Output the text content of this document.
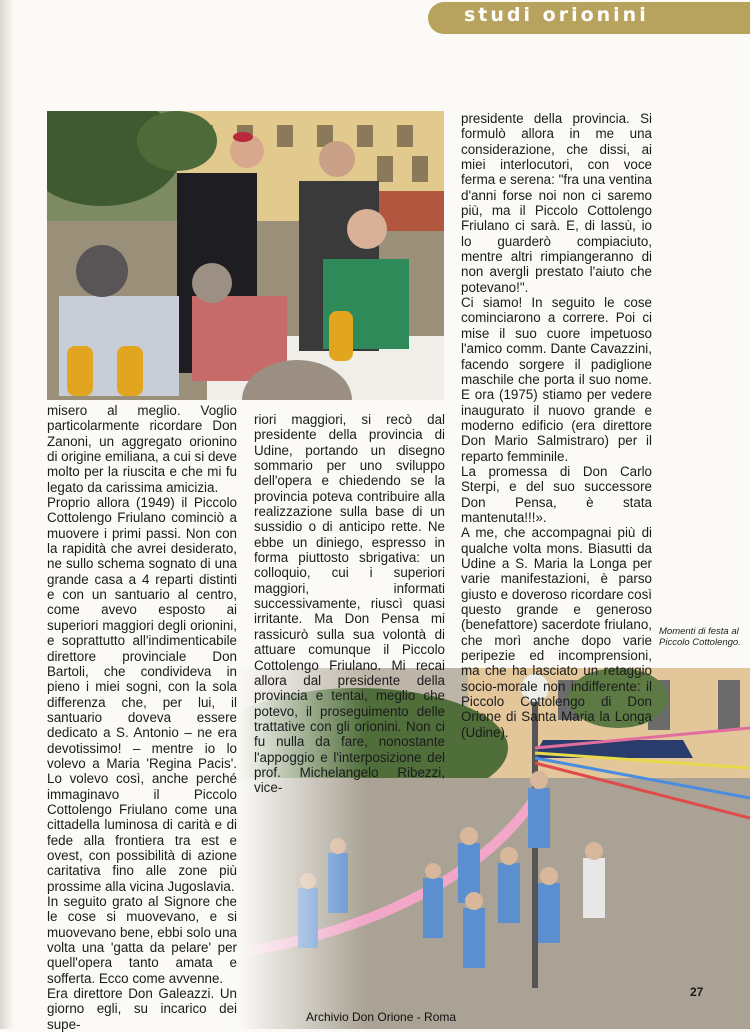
studi orionini

misero al meglio. Voglio particolarmente ricordare Don Zanoni, un aggregato orionino di origine emiliana, a cui si deve molto per la riuscita e che mi fu legato da carissima amicizia.

Proprio allora (1949) il Piccolo Cottolengo Friulano cominciò a muovere i primi passi. Non con la rapidità che avrei desiderato, ne sullo schema sognato di una grande casa a 4 reparti distinti e con un santuario al centro, come avevo esposto ai superiori maggiori degli orionini, e soprattutto all'indimenticabile direttore provinciale Don Bartoli, che condivideva in pieno i miei sogni, con la sola differenza che, per lui, il santuario doveva essere dedicato a S. Antonio – ne era devotissimo! – mentre io lo volevo a Maria 'Regina Pacis'. Lo volevo così, anche perché immaginavo il Piccolo Cottolengo Friulano come una cittadella luminosa di carità e di fede alla frontiera tra est e ovest, con possibilità di azione caritativa fino alle zone più prossime alla vicina Jugoslavia.

In seguito grato al Signore che le cose si muovevano, e si muovevano bene, ebbi solo una volta una 'gatta da pelare' per quell'opera tanto amata e sofferta. Ecco come avvenne.

Era direttore Don Galeazzi. Un giorno egli, su incarico dei supe-

riori maggiori, si recò dal presidente della provincia di Udine, portando un disegno sommario per uno sviluppo dell'opera e chiedendo se la provincia poteva contribuire alla realizzazione sulla base di un sussidio o di anticipo rette. Ne ebbe un diniego, espresso in forma piuttosto sbrigativa: un colloquio, cui i superiori maggiori, informati successivamente, riuscì quasi irritante. Ma Don Pensa mi rassicurò sulla sua volontà di attuare comunque il Piccolo Cottolengo Friulano. Mi recai allora dal presidente della provincia e tentai, meglio che potevo, il proseguimento delle trattative con gli orionini. Non ci fu nulla da fare, nonostante l'appoggio e l'interposizione del prof. Michelangelo Ribezzi, vice-

presidente della provincia. Si formulò allora in me una considerazione, che dissi, ai miei interlocutori, con voce ferma e serena: "fra una ventina d'anni forse noi non ci saremo più, ma il Piccolo Cottolengo Friulano ci sarà. E, di lassù, io lo guarderò compiaciuto, mentre altri rimpiangeranno di non avergli prestato l'aiuto che potevano!".

Ci siamo! In seguito le cose cominciarono a correre. Poi ci mise il suo cuore impetuoso l'amico comm. Dante Cavazzini, facendo sorgere il padiglione maschile che porta il suo nome. E ora (1975) stiamo per vedere inaugurato il nuovo grande e moderno edificio (era direttore Don Mario Salmistraro) per il reparto femminile.

La promessa di Don Carlo Sterpi, e del suo successore Don Pensa, è stata mantenuta!!!».

A me, che accompagnai più di qualche volta mons. Biasutti da Udine a S. Maria la Longa per varie manifestazioni, è parso giusto e doveroso ricordare così questo grande e generoso (benefattore) sacerdote friulano, che morì anche dopo varie peripezie ed incomprensioni, ma che ha lasciato un retaggio socio-morale non indifferente: il Piccolo Cottolengo di Don Orione di Santa Maria la Longa (Udine).

Momenti di festa al Piccolo Cottolengo.
27
Archivio Don Orione - Roma
